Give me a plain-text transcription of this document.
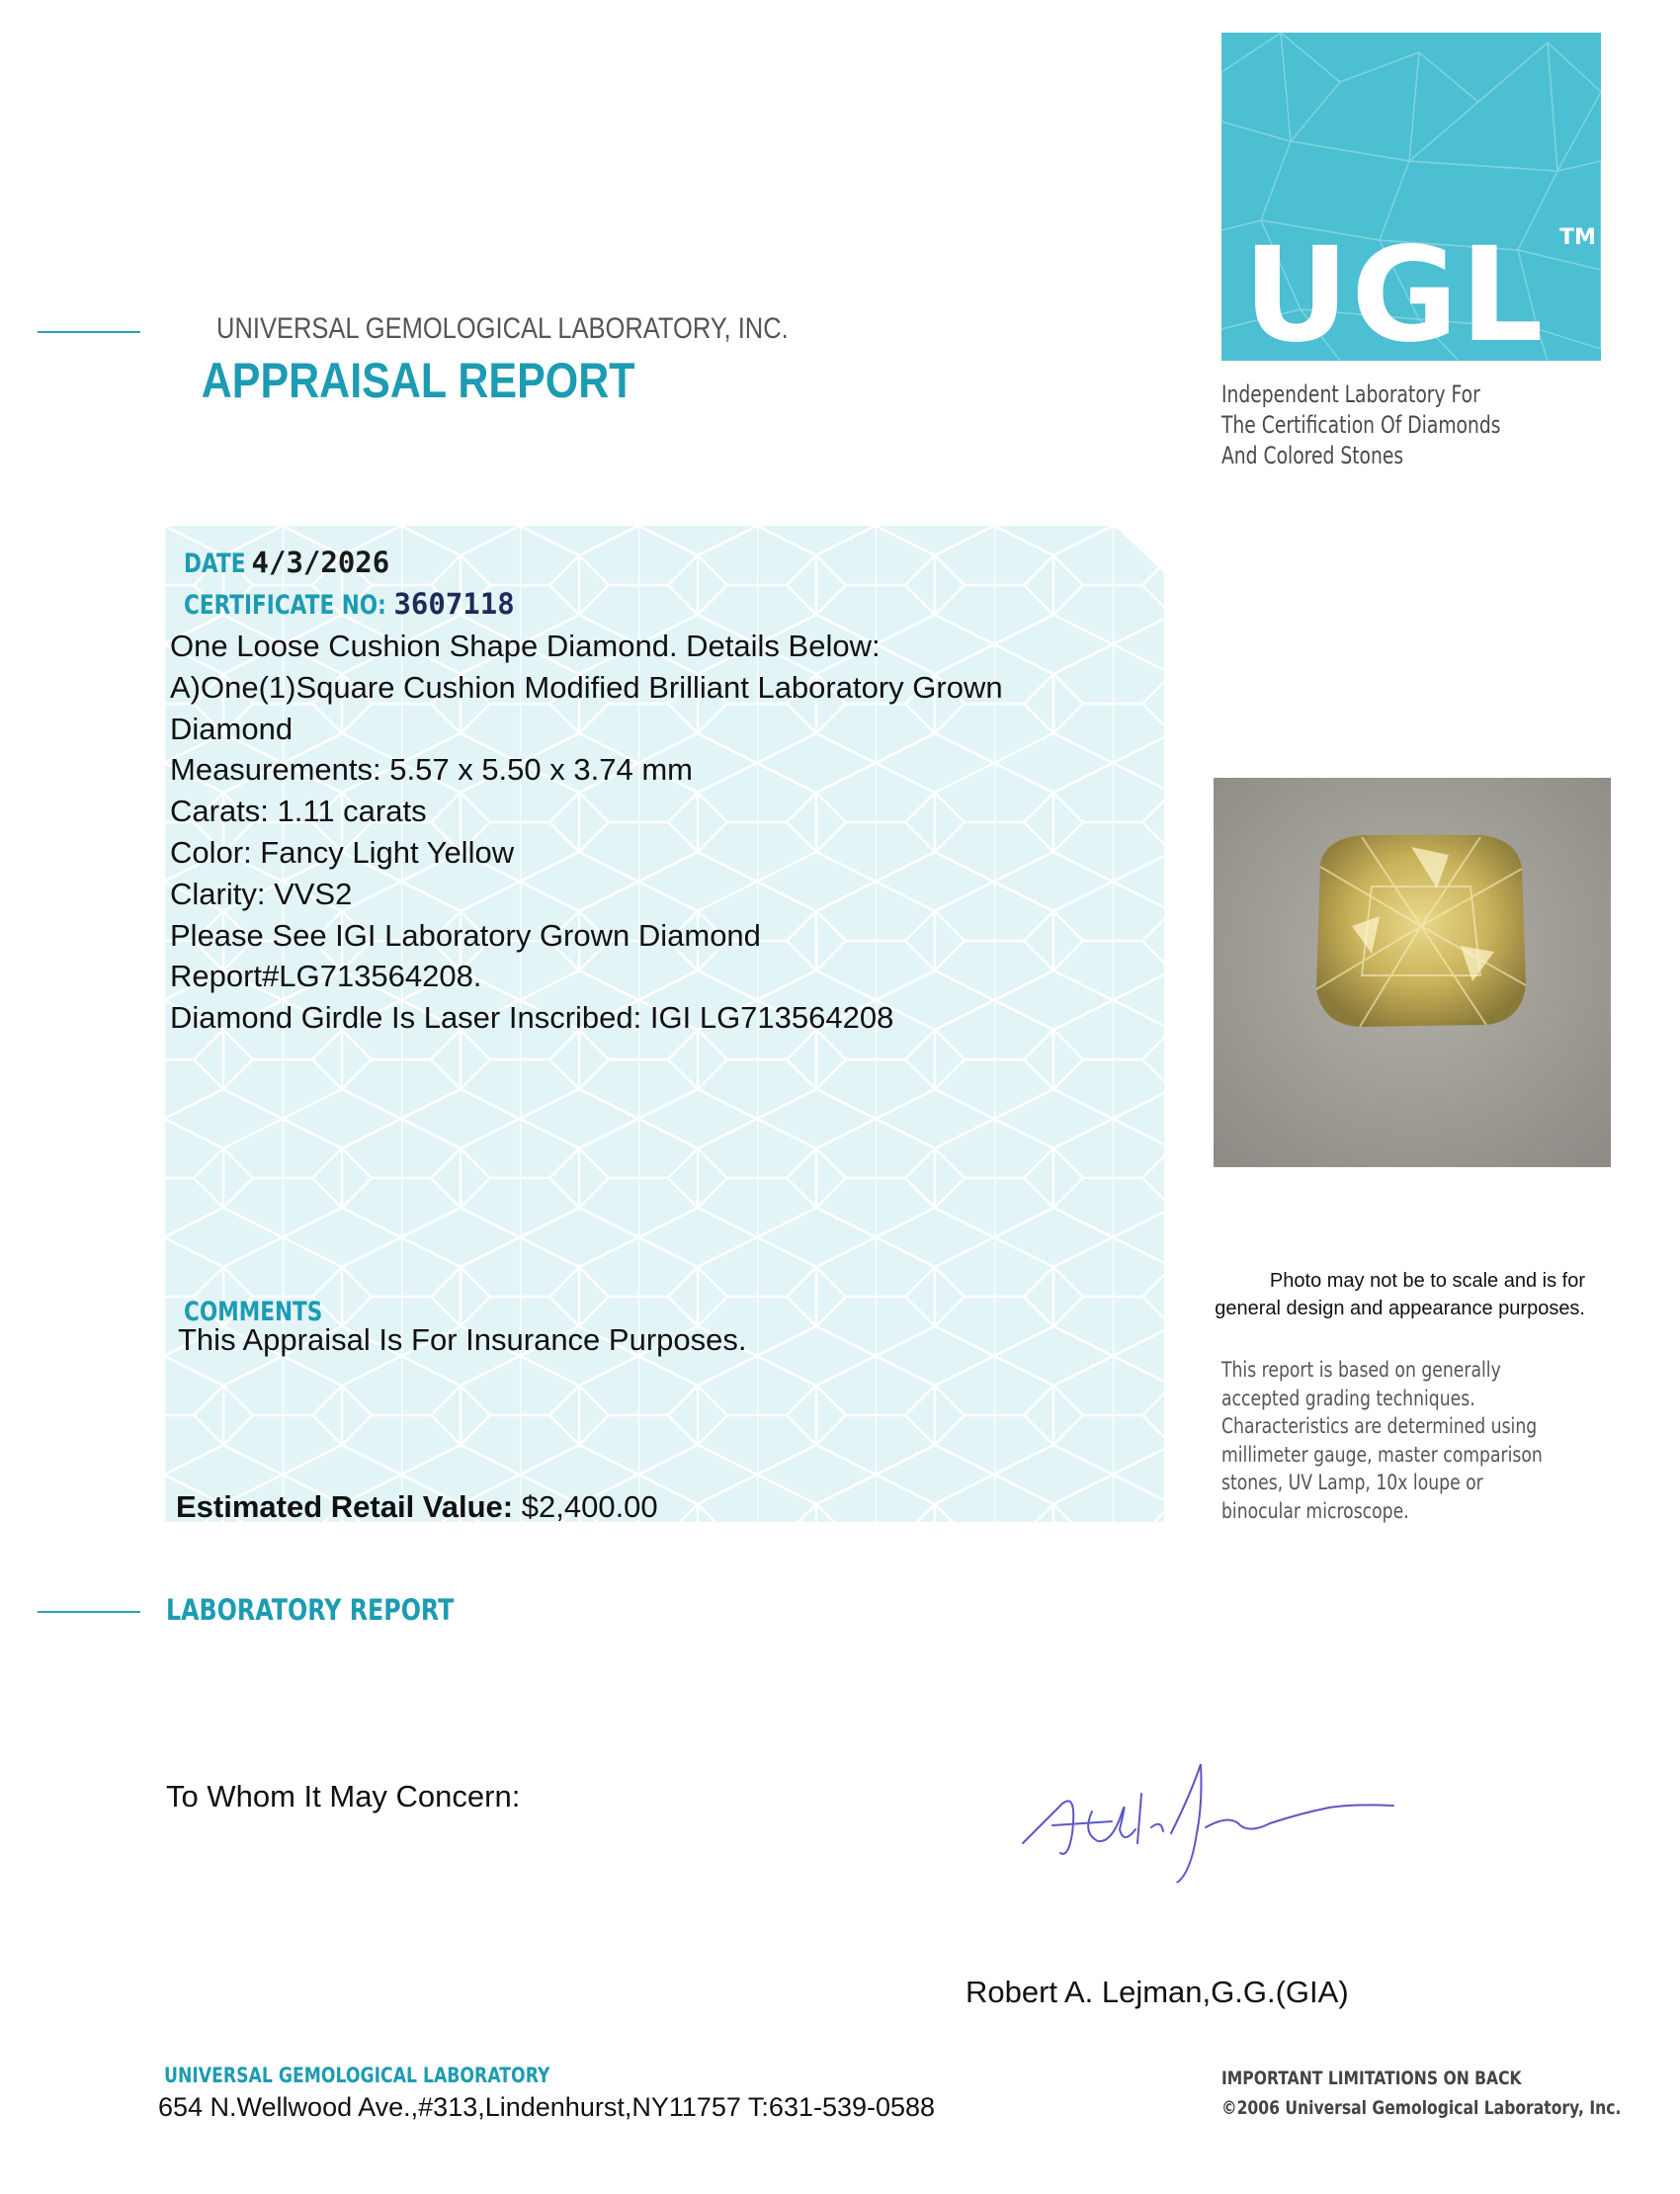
UGL TM
Independent Laboratory For
The Certification Of Diamonds
And Colored Stones
UNIVERSAL GEMOLOGICAL LABORATORY, INC.
APPRAISAL REPORT
DATE 4/3/2026
CERTIFICATE NO: 3607118
One Loose Cushion Shape Diamond. Details Below:
A)One(1)Square Cushion Modified Brilliant Laboratory Grown
Diamond
Measurements: 5.57 x 5.50 x 3.74 mm
Carats: 1.11 carats
Color: Fancy Light Yellow
Clarity: VVS2
Please See IGI Laboratory Grown Diamond
Report#LG713564208.
Diamond Girdle Is Laser Inscribed: IGI LG713564208
COMMENTS
This Appraisal Is For Insurance Purposes.
Estimated Retail Value: $2,400.00
Photo may not be to scale and is for
general design and appearance purposes.
This report is based on generally
accepted grading techniques.
Characteristics are determined using
millimeter gauge, master comparison
stones, UV Lamp, 10x loupe or
binocular microscope.
LABORATORY REPORT
To Whom It May Concern:
Robert A. Lejman,G.G.(GIA)
UNIVERSAL GEMOLOGICAL LABORATORY
654 N.Wellwood Ave.,#313,Lindenhurst,NY11757 T:631-539-0588
IMPORTANT LIMITATIONS ON BACK
©2006 Universal Gemological Laboratory, Inc.
